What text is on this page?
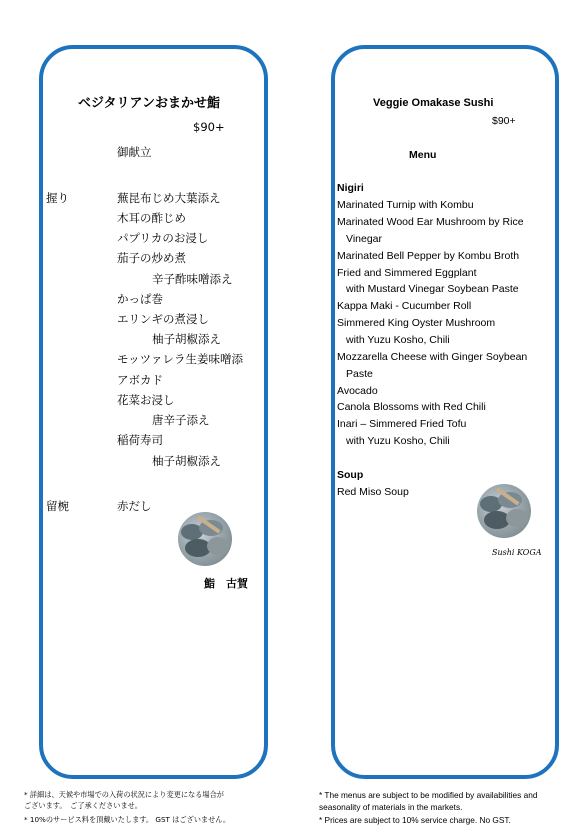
ベジタリアンおまかせ鮨
$90+
御献立
握り	蕪昆布じめ大葉添え
木耳の酢じめ
パプリカのお浸し
茄子の炒め煮
辛子酢味噌添え
かっぱ巻
エリンギの煮浸し
柚子胡椒添え
モッツァレラ生姜味噌添
アボカド
花菜お浸し
唐辛子添え
稲荷寿司
柚子胡椒添え
留椀	赤だし
鮨　古賀
Veggie Omakase Sushi
$90+
Menu
Nigiri
Marinated Turnip with Kombu
Marinated Wood Ear Mushroom by Rice
Vinegar
Marinated Bell Pepper by Kombu Broth
Fried and Simmered Eggplant
with Mustard Vinegar Soybean Paste
Kappa Maki - Cucumber Roll
Simmered King Oyster Mushroom
with Yuzu Kosho, Chili
Mozzarella Cheese with Ginger Soybean
Paste
Avocado
Canola Blossoms with Red Chili
Inari – Simmered Fried Tofu
with Yuzu Kosho, Chili
Soup
Red Miso Soup
Sushi KOGA
* 詳細は、天候や市場での入荷の状況により変更になる場合が
ございます。　ご了承くださいませ。
* 10%のサービス料を頂戴いたします。 GST はございません。
* The menus are subject to be modified by availabilities and
seasonality of materials in the markets.
* Prices are subject to 10% service charge. No GST.
